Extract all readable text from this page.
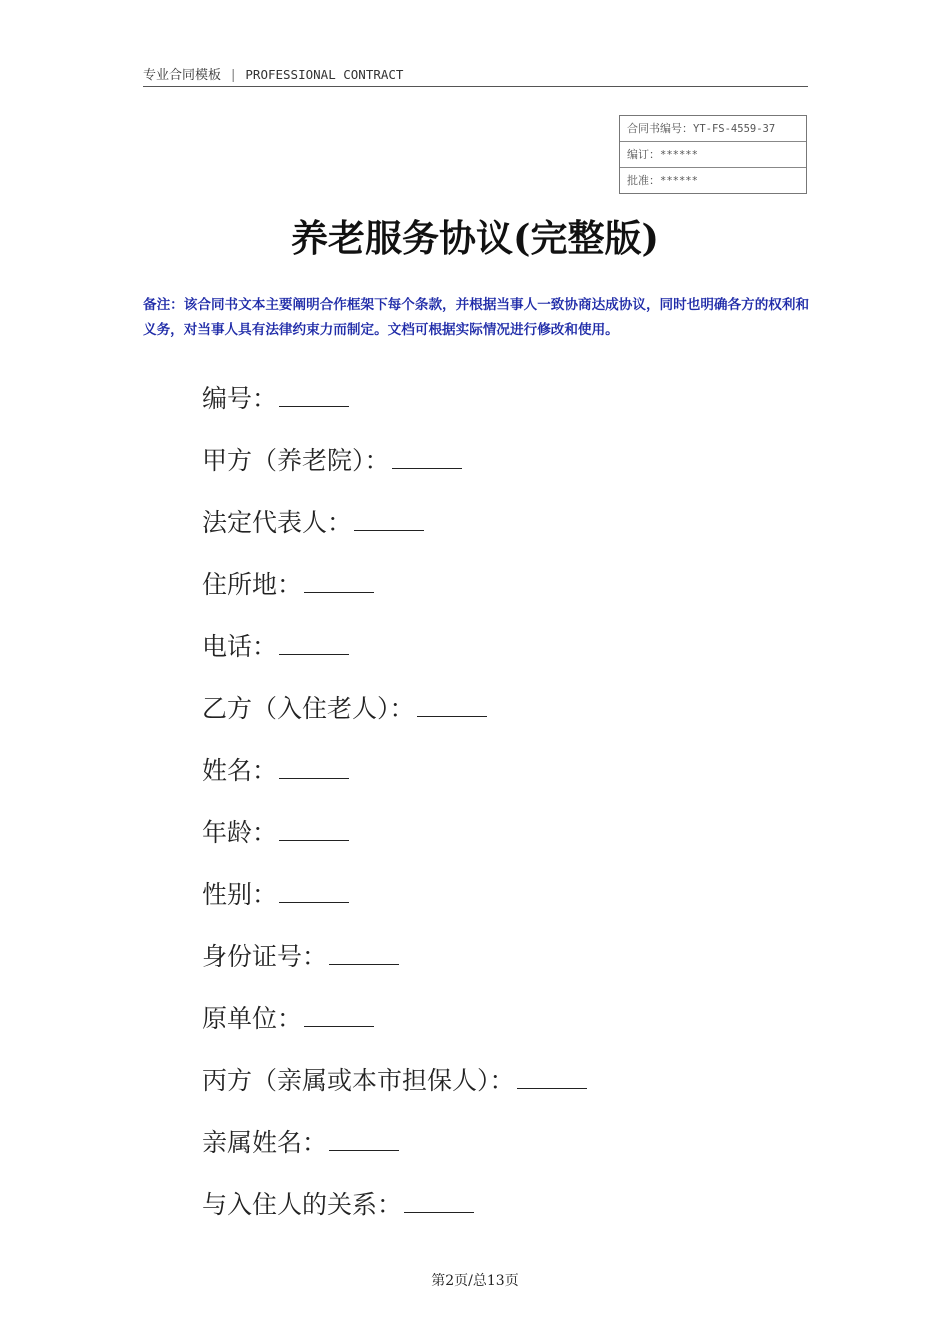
专业合同模板 | PROFESSIONAL CONTRACT
合同书编号：YT-FS-4559-37
编订：******
批准：******
养老服务协议(完整版)
备注：该合同书文本主要阐明合作框架下每个条款，并根据当事人一致协商达成协议，同时也明确各方的权利和义务，对当事人具有法律约束力而制定。文档可根据实际情况进行修改和使用。
编号：
甲方（养老院）：
法定代表人：
住所地：
电话：
乙方（入住老人）：
姓名：
年龄：
性别：
身份证号：
原单位：
丙方（亲属或本市担保人）：
亲属姓名：
与入住人的关系：
第2页/总13页
